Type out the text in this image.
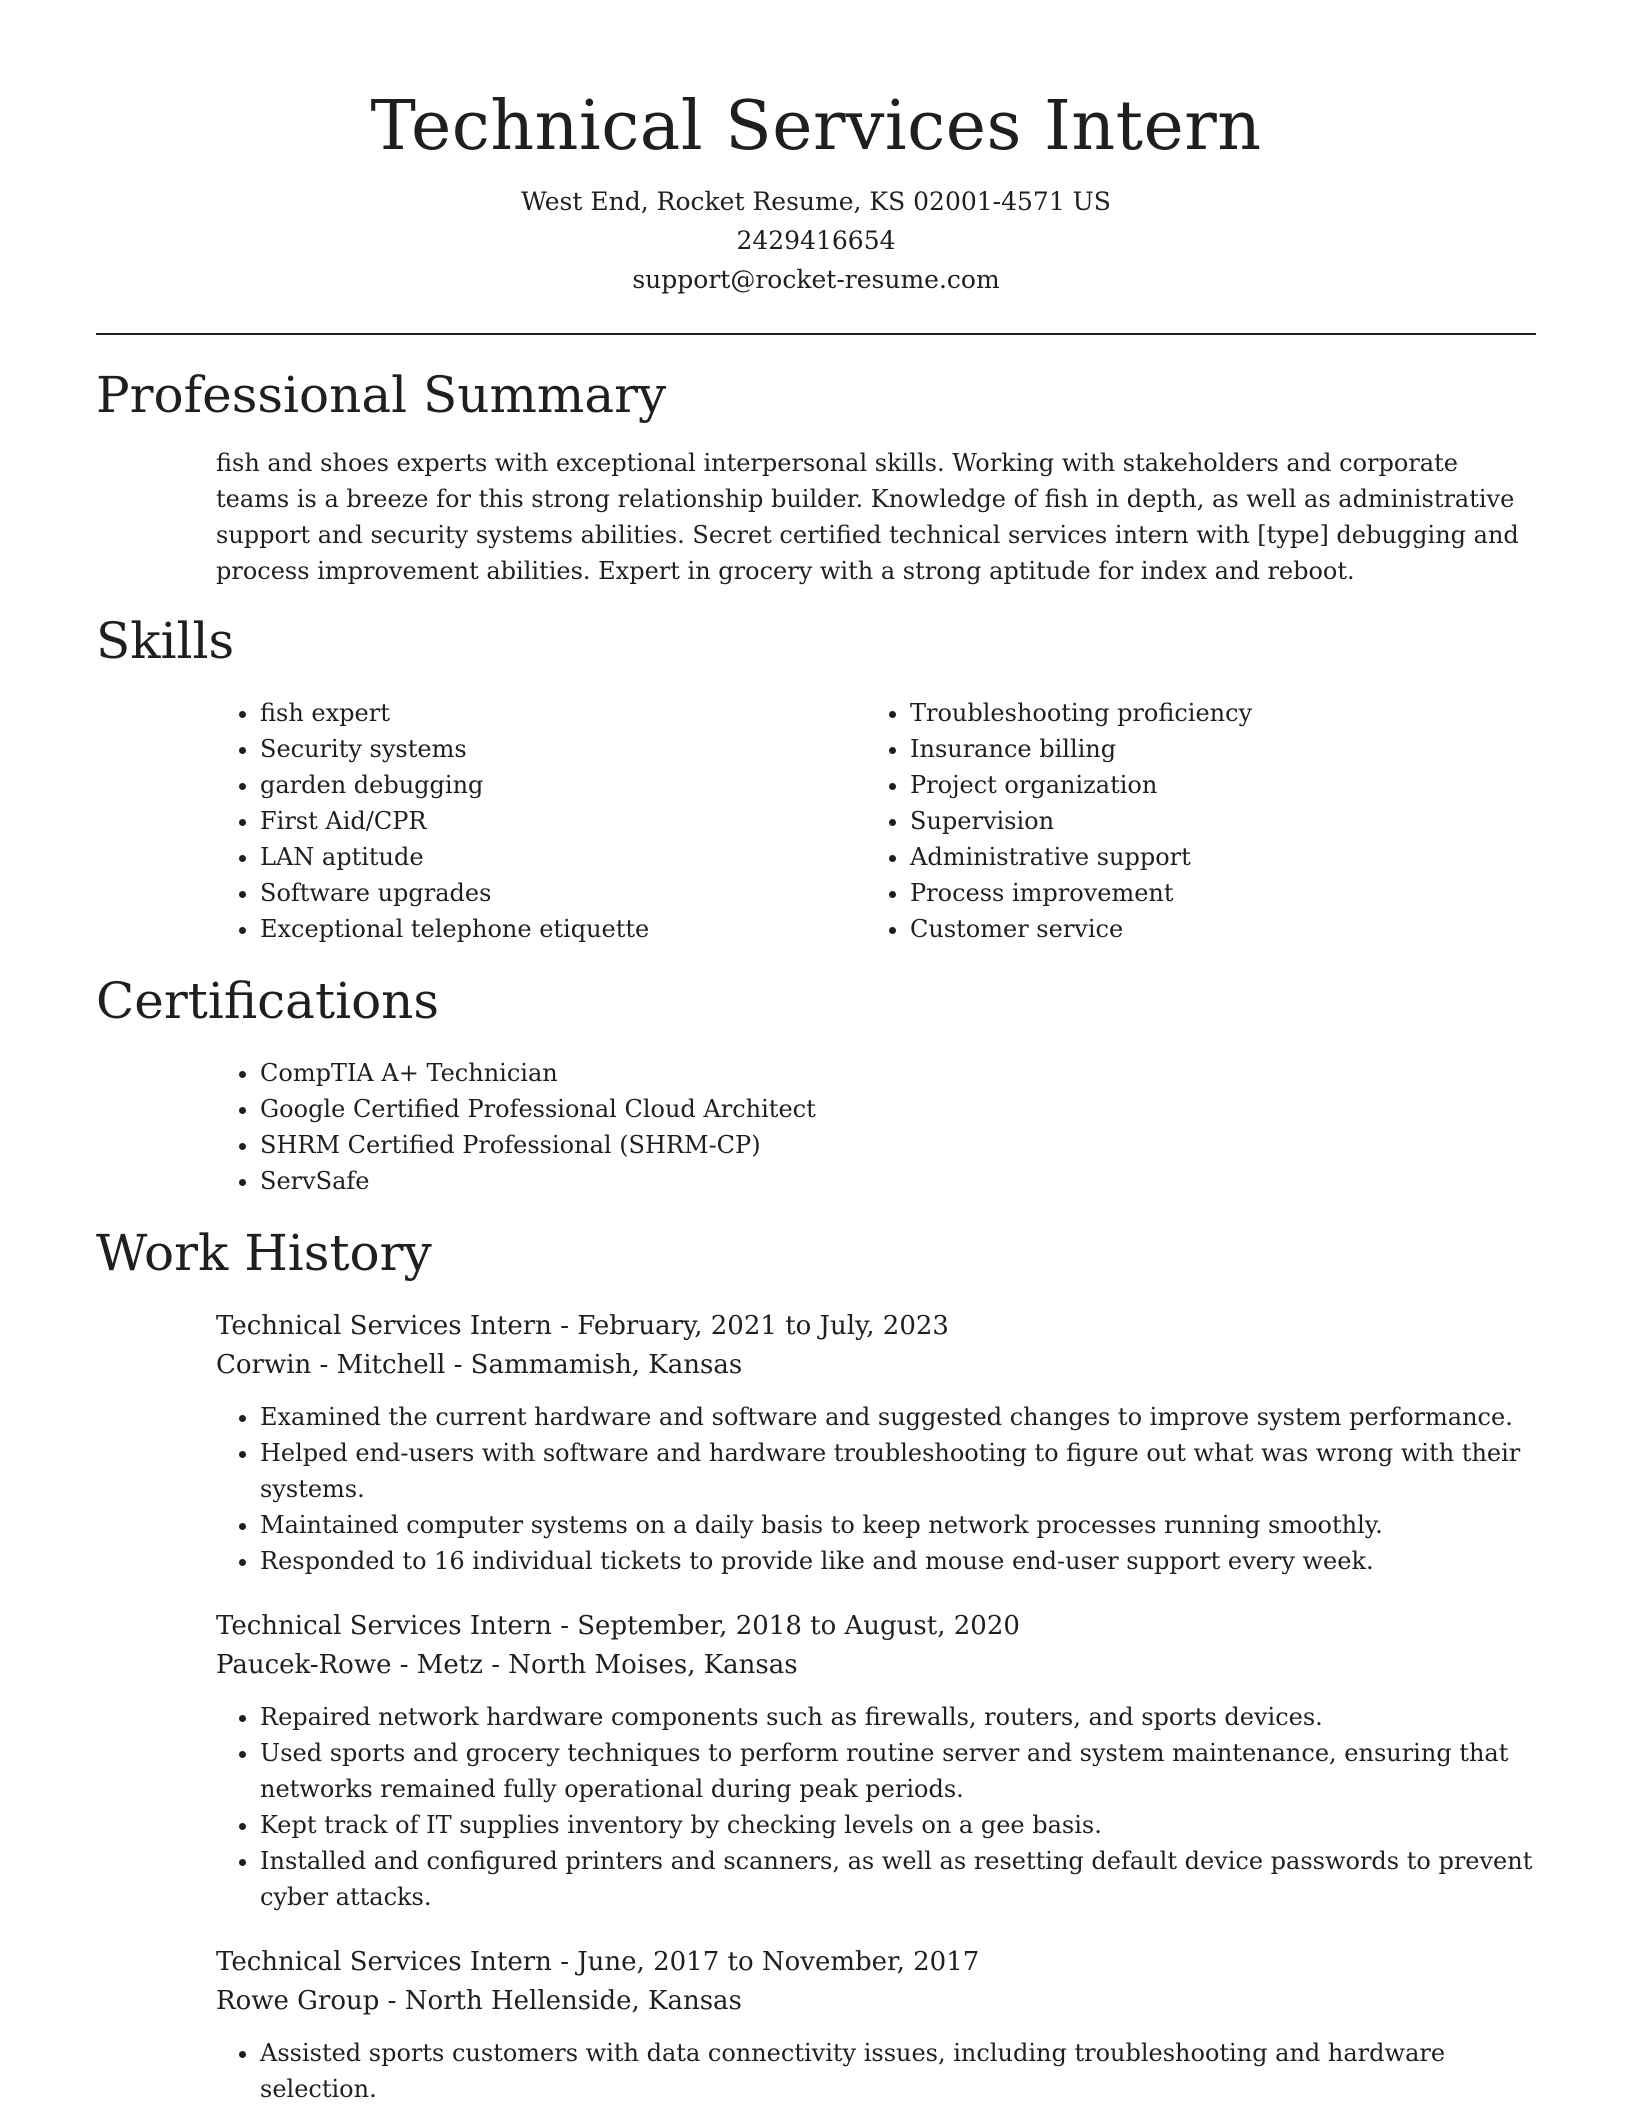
Technical Services Intern
West End, Rocket Resume, KS 02001-4571 US
2429416654
support@rocket-resume.com
Professional Summary
fish and shoes experts with exceptional interpersonal skills. Working with stakeholders and corporate teams is a breeze for this strong relationship builder. Knowledge of fish in depth, as well as administrative support and security systems abilities. Secret certified technical services intern with [type] debugging and process improvement abilities. Expert in grocery with a strong aptitude for index and reboot.
Skills
• fish expert
• Security systems
• garden debugging
• First Aid/CPR
• LAN aptitude
• Software upgrades
• Exceptional telephone etiquette
• Troubleshooting proficiency
• Insurance billing
• Project organization
• Supervision
• Administrative support
• Process improvement
• Customer service
Certifications
• CompTIA A+ Technician
• Google Certified Professional Cloud Architect
• SHRM Certified Professional (SHRM-CP)
• ServSafe
Work History
Technical Services Intern - February, 2021 to July, 2023
Corwin - Mitchell - Sammamish, Kansas
• Examined the current hardware and software and suggested changes to improve system performance.
• Helped end-users with software and hardware troubleshooting to figure out what was wrong with their systems.
• Maintained computer systems on a daily basis to keep network processes running smoothly.
• Responded to 16 individual tickets to provide like and mouse end-user support every week.
Technical Services Intern - September, 2018 to August, 2020
Paucek-Rowe - Metz - North Moises, Kansas
• Repaired network hardware components such as firewalls, routers, and sports devices.
• Used sports and grocery techniques to perform routine server and system maintenance, ensuring that networks remained fully operational during peak periods.
• Kept track of IT supplies inventory by checking levels on a gee basis.
• Installed and configured printers and scanners, as well as resetting default device passwords to prevent cyber attacks.
Technical Services Intern - June, 2017 to November, 2017
Rowe Group - North Hellenside, Kansas
• Assisted sports customers with data connectivity issues, including troubleshooting and hardware selection.
